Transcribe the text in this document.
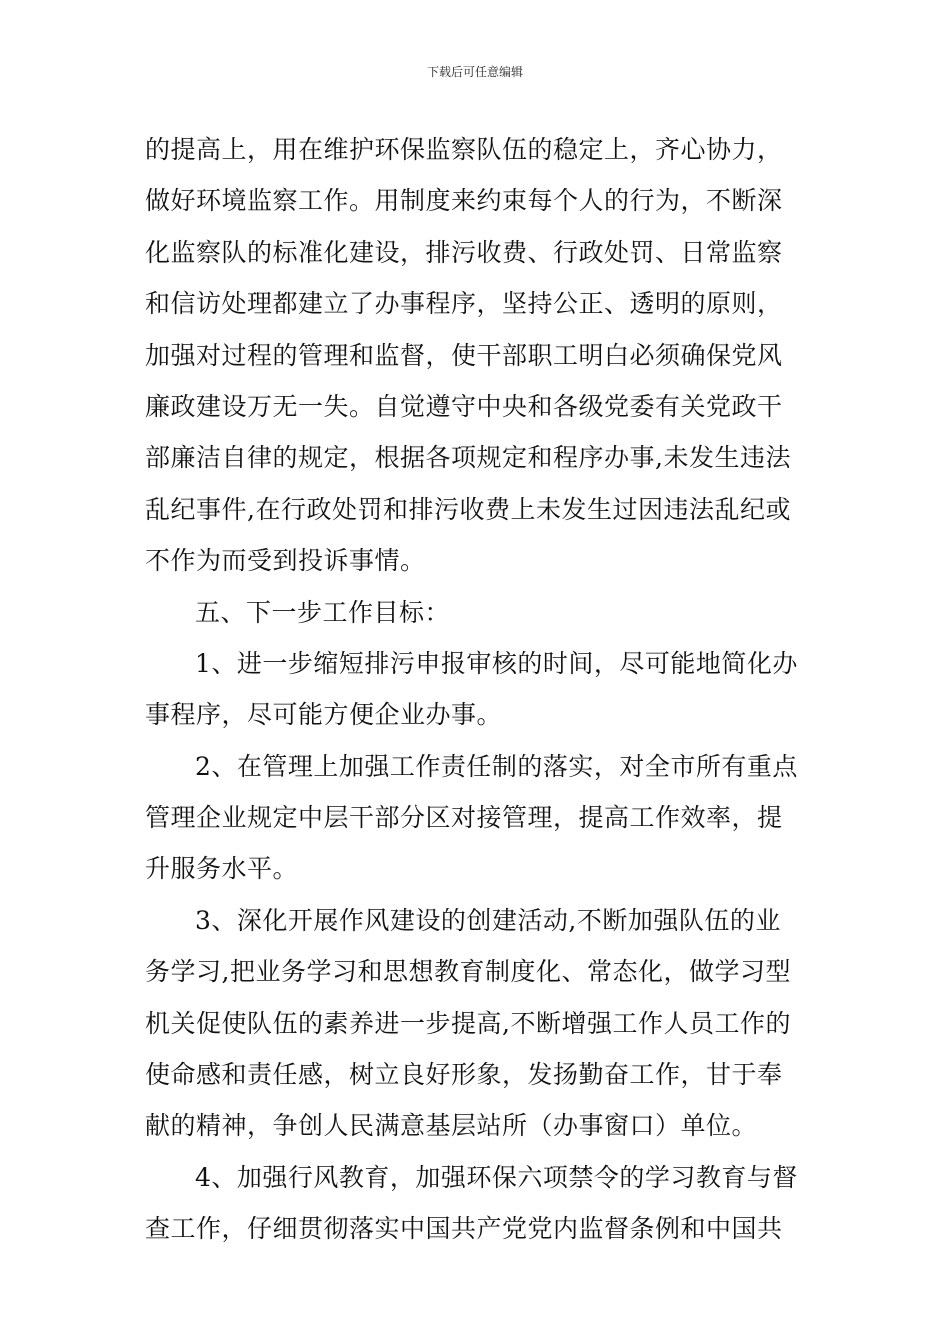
下载后可任意编辑
的提高上，用在维护环保监察队伍的稳定上，齐心协力，
做好环境监察工作。用制度来约束每个人的行为，不断深
化监察队的标准化建设，排污收费、行政处罚、日常监察
和信访处理都建立了办事程序，坚持公正、透明的原则，
加强对过程的管理和监督，使干部职工明白必须确保党风
廉政建设万无一失。自觉遵守中央和各级党委有关党政干
部廉洁自律的规定，根据各项规定和程序办事,未发生违法
乱纪事件,在行政处罚和排污收费上未发生过因违法乱纪或
不作为而受到投诉事情。
五、下一步工作目标：
1、进一步缩短排污申报审核的时间，尽可能地简化办
事程序，尽可能方便企业办事。
2、在管理上加强工作责任制的落实，对全市所有重点
管理企业规定中层干部分区对接管理，提高工作效率，提
升服务水平。
3、深化开展作风建设的创建活动,不断加强队伍的业
务学习,把业务学习和思想教育制度化、常态化，做学习型
机关促使队伍的素养进一步提高,不断增强工作人员工作的
使命感和责任感，树立良好形象，发扬勤奋工作，甘于奉
献的精神，争创人民满意基层站所（办事窗口）单位。
4、加强行风教育，加强环保六项禁令的学习教育与督
查工作，仔细贯彻落实中国共产党党内监督条例和中国共
